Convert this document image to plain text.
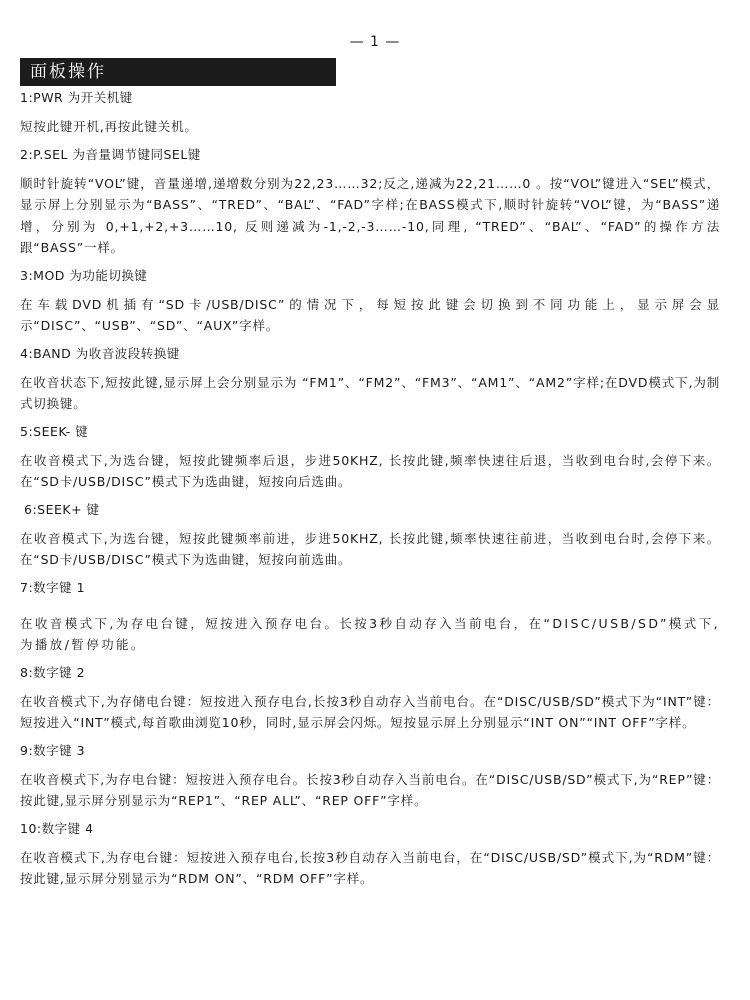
— 1 —
面板操作

1:PWR 为开关机键

短按此键开机,再按此键关机。

2:P.SEL 为音量调节键同SEL键

顺时针旋转“VOL”键，音量递增,递增数分别为22,23……32;反之,递减为22,21……0 。按“VOL”键进入“SEL”模式，显示屏上分别显示为“BASS”、“TRED”、“BAL”、“FAD”字样;在BASS模式下,顺时针旋转“VOL”键，为“BASS”递增，分别为 0,+1,+2,+3……10, 反则递减为-1,-2,-3……-10,同理, “TRED”、“BAL”、“FAD”的操作方法跟“BASS”一样。

3:MOD 为功能切换键

在车载DVD机插有“SD卡/USB/DISC”的情况下，每短按此键会切换到不同功能上，显示屏会显示“DISC”、“USB”、“SD”、“AUX”字样。

4:BAND 为收音波段转换键

在收音状态下,短按此键,显示屏上会分别显示为 “FM1”、“FM2”、“FM3”、“AM1”、“AM2”字样;在DVD模式下,为制式切换键。

5:SEEK- 键

在收音模式下,为选台键，短按此键频率后退，步进50KHZ, 长按此键,频率快速往后退，当收到电台时,会停下来。在“SD卡/USB/DISC”模式下为选曲键，短按向后选曲。

6:SEEK+ 键

在收音模式下,为选台键，短按此键频率前进，步进50KHZ, 长按此键,频率快速往前进，当收到电台时,会停下来。在“SD卡/USB/DISC”模式下为选曲键，短按向前选曲。

7:数字键 1

在收音模式下,为存电台键，短按进入预存电台。长按3秒自动存入当前电台，在“DISC/USB/SD”模式下,为播放/暂停功能。

8:数字键 2

在收音模式下,为存储电台键：短按进入预存电台,长按3秒自动存入当前电台。在“DISC/USB/SD”模式下为“INT”键：短按进入“INT”模式,每首歌曲浏览10秒，同时,显示屏会闪烁。短按显示屏上分别显示“INT ON”“INT OFF”字样。

9:数字键 3

在收音模式下,为存电台键：短按进入预存电台。长按3秒自动存入当前电台。在“DISC/USB/SD”模式下,为“REP”键：按此键,显示屏分别显示为“REP1”、“REP ALL”、“REP OFF”字样。

10:数字键 4

在收音模式下,为存电台键：短按进入预存电台,长按3秒自动存入当前电台，在“DISC/USB/SD”模式下,为“RDM”键：按此键,显示屏分别显示为“RDM ON”、“RDM OFF”字样。
